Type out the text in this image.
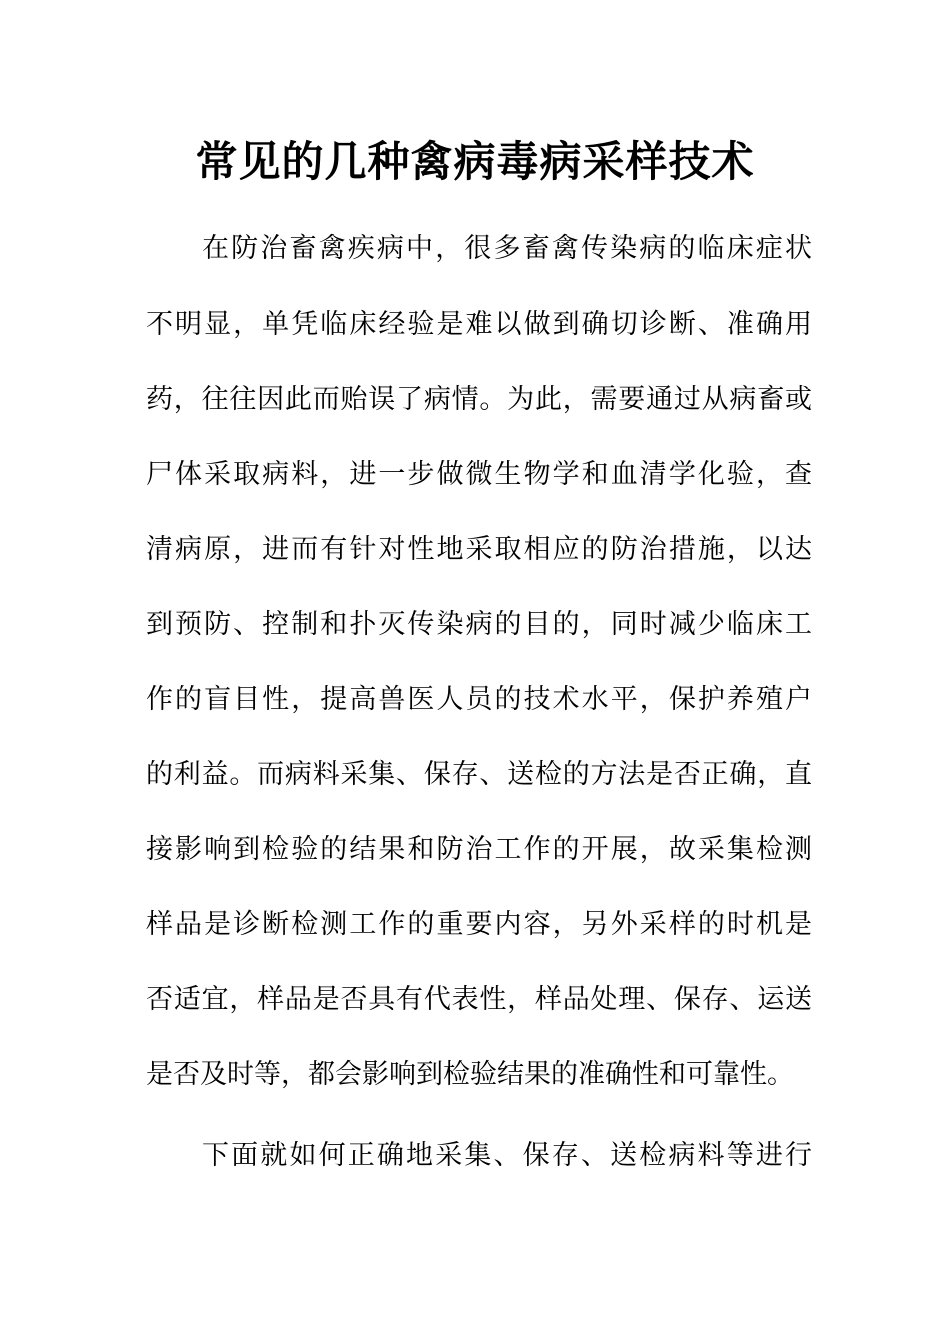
常见的几种禽病毒病采样技术

在防治畜禽疾病中，很多畜禽传染病的临床症状

不明显，单凭临床经验是难以做到确切诊断、准确用

药，往往因此而贻误了病情。为此，需要通过从病畜或

尸体采取病料，进一步做微生物学和血清学化验，查

清病原，进而有针对性地采取相应的防治措施，以达

到预防、控制和扑灭传染病的目的，同时减少临床工

作的盲目性，提高兽医人员的技术水平，保护养殖户

的利益。而病料采集、保存、送检的方法是否正确，直

接影响到检验的结果和防治工作的开展，故采集检测

样品是诊断检测工作的重要内容，另外采样的时机是

否适宜，样品是否具有代表性，样品处理、保存、运送

是否及时等，都会影响到检验结果的准确性和可靠性。

下面就如何正确地采集、保存、送检病料等进行
